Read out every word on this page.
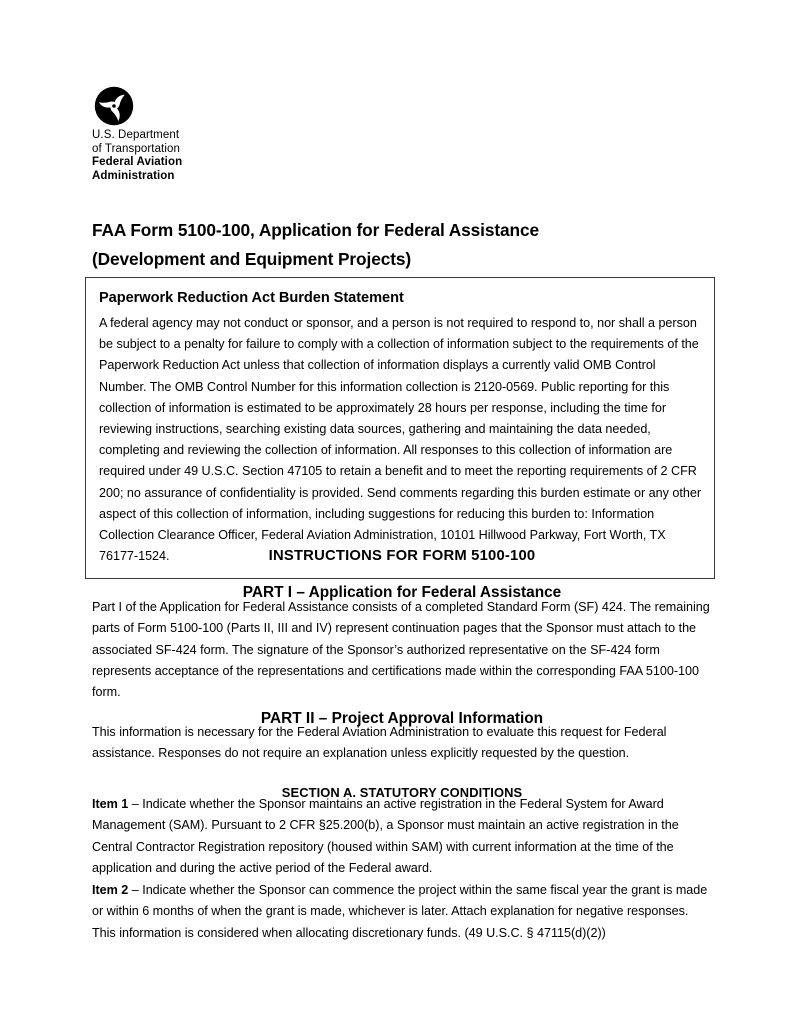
U.S. Department
of Transportation
Federal Aviation
Administration
FAA Form 5100-100, Application for Federal Assistance
(Development and Equipment Projects)
Paperwork Reduction Act Burden Statement

A federal agency may not conduct or sponsor, and a person is not required to respond to, nor shall a person be subject to a penalty for failure to comply with a collection of information subject to the requirements of the Paperwork Reduction Act unless that collection of information displays a currently valid OMB Control Number. The OMB Control Number for this information collection is 2120-0569. Public reporting for this collection of information is estimated to be approximately 28 hours per response, including the time for reviewing instructions, searching existing data sources, gathering and maintaining the data needed, completing and reviewing the collection of information. All responses to this collection of information are required under 49 U.S.C. Section 47105 to retain a benefit and to meet the reporting requirements of 2 CFR 200; no assurance of confidentiality is provided. Send comments regarding this burden estimate or any other aspect of this collection of information, including suggestions for reducing this burden to: Information Collection Clearance Officer, Federal Aviation Administration, 10101 Hillwood Parkway, Fort Worth, TX 76177-1524.	INSTRUCTIONS FOR FORM 5100-100
PART I – Application for Federal Assistance

Part I of the Application for Federal Assistance consists of a completed Standard Form (SF) 424. The remaining parts of Form 5100-100 (Parts II, III and IV) represent continuation pages that the Sponsor must attach to the associated SF-424 form. The signature of the Sponsor’s authorized representative on the SF-424 form represents acceptance of the representations and certifications made within the corresponding FAA 5100-100 form.

PART II – Project Approval Information

This information is necessary for the Federal Aviation Administration to evaluate this request for Federal assistance. Responses do not require an explanation unless explicitly requested by the question.

SECTION A. STATUTORY CONDITIONS

Item 1 – Indicate whether the Sponsor maintains an active registration in the Federal System for Award Management (SAM). Pursuant to 2 CFR §25.200(b), a Sponsor must maintain an active registration in the Central Contractor Registration repository (housed within SAM) with current information at the time of the application and during the active period of the Federal award.

Item 2 – Indicate whether the Sponsor can commence the project within the same fiscal year the grant is made or within 6 months of when the grant is made, whichever is later. Attach explanation for negative responses. This information is considered when allocating discretionary funds. (49 U.S.C. § 47115(d)(2))
